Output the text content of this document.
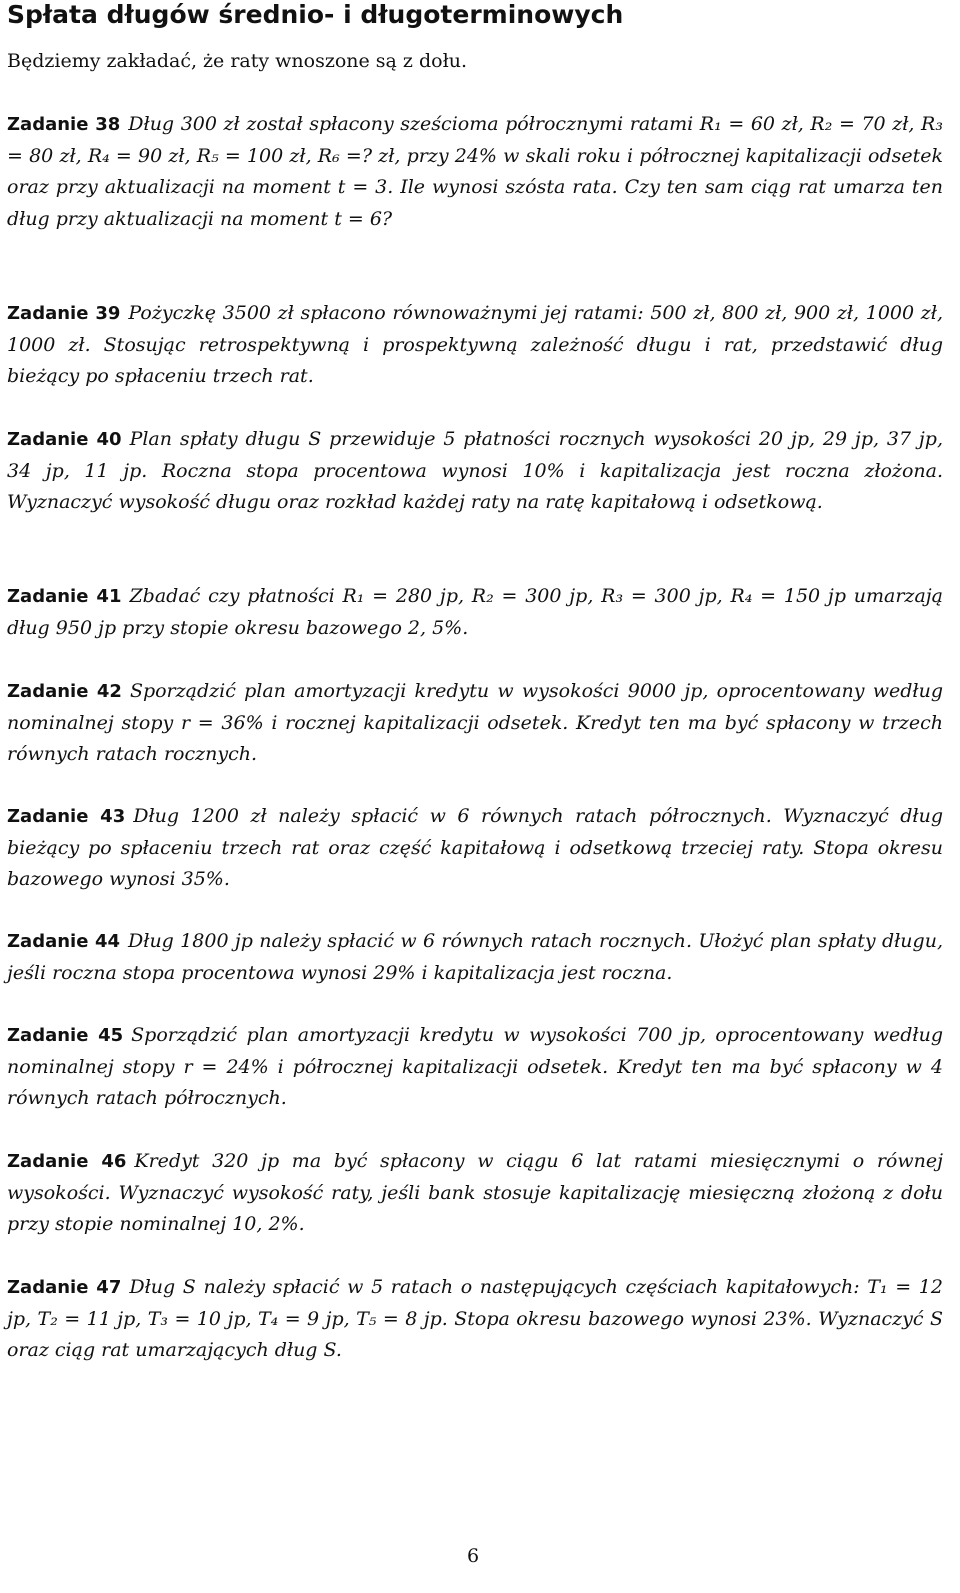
Spłata długów średnio- i długoterminowych
Będziemy zakładać, że raty wnoszone są z dołu.
Zadanie 38 Dług 300 zł został spłacony sześcioma półrocznymi ratami R₁ = 60 zł, R₂ = 70 zł, R₃ = 80 zł, R₄ = 90 zł, R₅ = 100 zł, R₆ =? zł, przy 24% w skali roku i półrocznej kapitalizacji odsetek oraz przy aktualizacji na moment t = 3. Ile wynosi szósta rata. Czy ten sam ciąg rat umarza ten dług przy aktualizacji na moment t = 6?
Zadanie 39 Pożyczkę 3500 zł spłacono równoważnymi jej ratami: 500 zł, 800 zł, 900 zł, 1000 zł, 1000 zł. Stosując retrospektywną i prospektywną zależność długu i rat, przedstawić dług bieżący po spłaceniu trzech rat.
Zadanie 40 Plan spłaty długu S przewiduje 5 płatności rocznych wysokości 20 jp, 29 jp, 37 jp, 34 jp, 11 jp. Roczna stopa procentowa wynosi 10% i kapitalizacja jest roczna złożona. Wyznaczyć wysokość długu oraz rozkład każdej raty na ratę kapitałową i odsetkową.
Zadanie 41 Zbadać czy płatności R₁ = 280 jp, R₂ = 300 jp, R₃ = 300 jp, R₄ = 150 jp umarzają dług 950 jp przy stopie okresu bazowego 2, 5%.
Zadanie 42 Sporządzić plan amortyzacji kredytu w wysokości 9000 jp, oprocentowany według nominalnej stopy r = 36% i rocznej kapitalizacji odsetek. Kredyt ten ma być spłacony w trzech równych ratach rocznych.
Zadanie 43 Dług 1200 zł należy spłacić w 6 równych ratach półrocznych. Wyznaczyć dług bieżący po spłaceniu trzech rat oraz część kapitałową i odsetkową trzeciej raty. Stopa okresu bazowego wynosi 35%.
Zadanie 44 Dług 1800 jp należy spłacić w 6 równych ratach rocznych. Ułożyć plan spłaty długu, jeśli roczna stopa procentowa wynosi 29% i kapitalizacja jest roczna.
Zadanie 45 Sporządzić plan amortyzacji kredytu w wysokości 700 jp, oprocentowany według nominalnej stopy r = 24% i półrocznej kapitalizacji odsetek. Kredyt ten ma być spłacony w 4 równych ratach półrocznych.
Zadanie 46 Kredyt 320 jp ma być spłacony w ciągu 6 lat ratami miesięcznymi o równej wysokości. Wyznaczyć wysokość raty, jeśli bank stosuje kapitalizację miesięczną złożoną z dołu przy stopie nominalnej 10, 2%.
Zadanie 47 Dług S należy spłacić w 5 ratach o następujących częściach kapitałowych: T₁ = 12 jp, T₂ = 11 jp, T₃ = 10 jp, T₄ = 9 jp, T₅ = 8 jp. Stopa okresu bazowego wynosi 23%. Wyznaczyć S oraz ciąg rat umarzających dług S.
6
